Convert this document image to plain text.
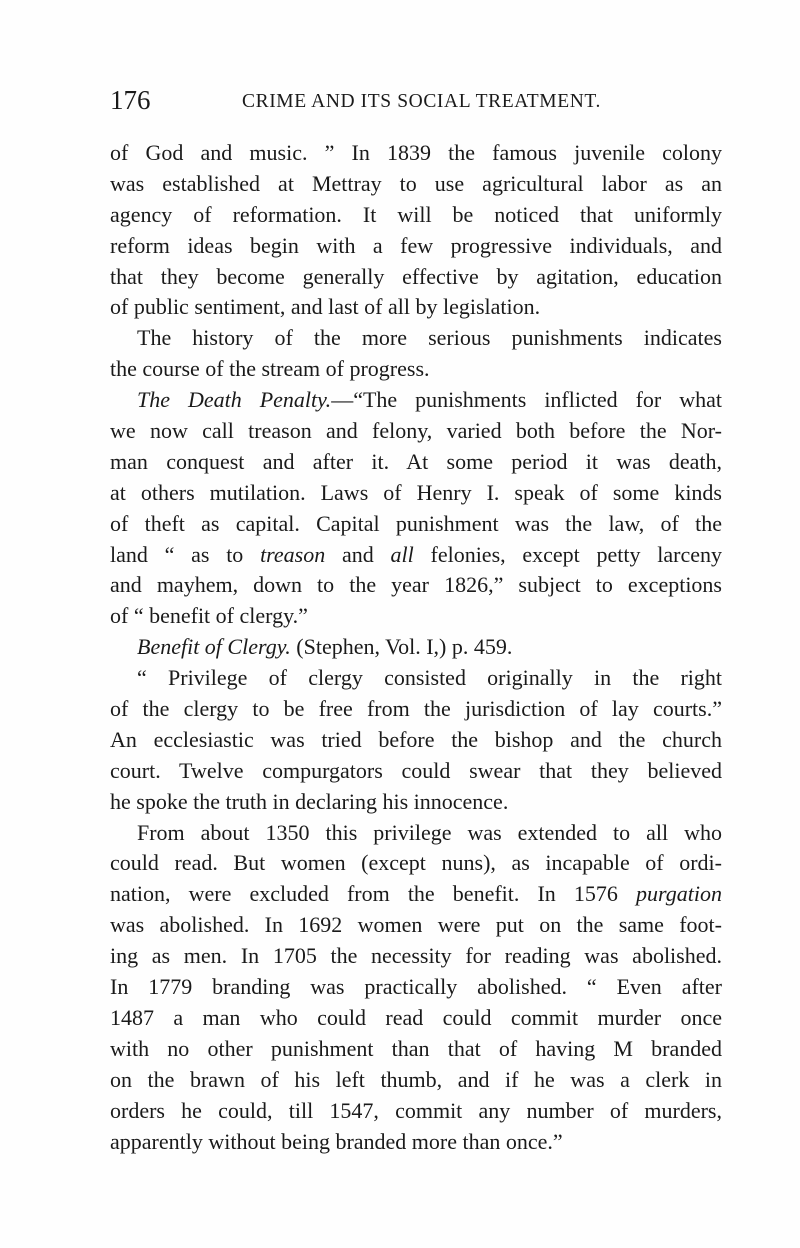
176	CRIME AND ITS SOCIAL TREATMENT.
of God and music. ” In 1839 the famous juvenile colony
was established at Mettray to use agricultural labor as an
agency of reformation. It will be noticed that uniformly
reform ideas begin with a few progressive individuals, and
that they become generally effective by agitation, education
of public sentiment, and last of all by legislation.
The history of the more serious punishments indicates
the course of the stream of progress.
The Death Penalty.—“The punishments inflicted for what
we now call treason and felony, varied both before the Nor-
man conquest and after it. At some period it was death,
at others mutilation. Laws of Henry I. speak of some kinds
of theft as capital. Capital punishment was the law, of the
land “ as to treason and all felonies, except petty larceny
and mayhem, down to the year 1826,” subject to exceptions
of “ benefit of clergy.”
Benefit of Clergy. (Stephen, Vol. I,) p. 459.
“ Privilege of clergy consisted originally in the right
of the clergy to be free from the jurisdiction of lay courts.”
An ecclesiastic was tried before the bishop and the church
court. Twelve compurgators could swear that they believed
he spoke the truth in declaring his innocence.
From about 1350 this privilege was extended to all who
could read. But women (except nuns), as incapable of ordi-
nation, were excluded from the benefit. In 1576 purgation
was abolished. In 1692 women were put on the same foot-
ing as men. In 1705 the necessity for reading was abolished.
In 1779 branding was practically abolished. “ Even after
1487 a man who could read could commit murder once
with no other punishment than that of having M branded
on the brawn of his left thumb, and if he was a clerk in
orders he could, till 1547, commit any number of murders,
apparently without being branded more than once.”
